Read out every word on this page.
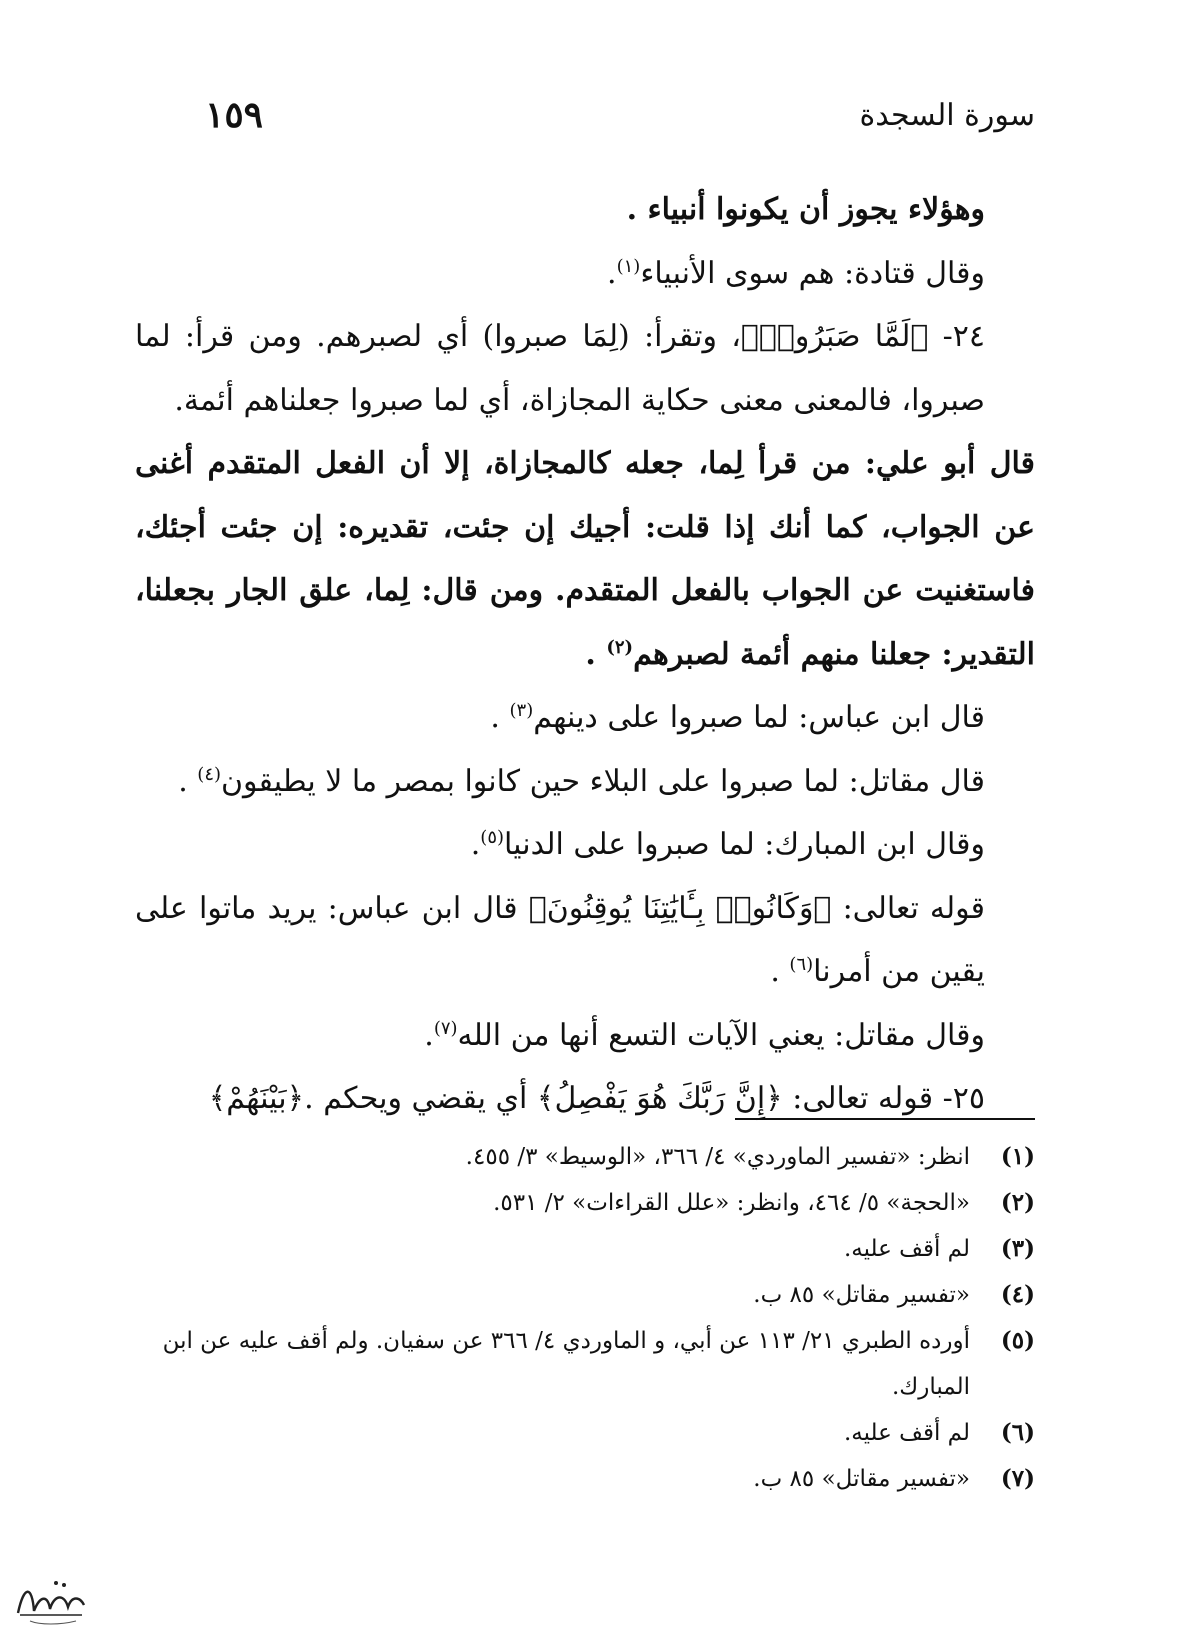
١٥٩	سورة السجدة

وهؤلاء يجوز أن يكونوا أنبياء .

وقال قتادة: هم سوى الأنبياء$^{(١)}$.

٢٤- ﴿لَمَّا صَبَرُوا۟﴾، وتقرأ: (لِمَا صبروا) أي لصبرهم. ومن قرأ: لما صبروا، فالمعنى معنى حكاية المجازاة، أي لما صبروا جعلناهم أئمة.

قال أبو علي: من قرأ لِما، جعله كالمجازاة، إلا أن الفعل المتقدم أغنى عن الجواب، كما أنك إذا قلت: أجيك إن جئت، تقديره: إن جئت أجئك، فاستغنيت عن الجواب بالفعل المتقدم. ومن قال: لِما، علق الجار بجعلنا، التقدير: جعلنا منهم أئمة لصبرهم$^{(٢)}$ .

قال ابن عباس: لما صبروا على دينهم$^{(٣)}$ .

قال مقاتل: لما صبروا على البلاء حين كانوا بمصر ما لا يطيقون$^{(٤)}$ .

وقال ابن المبارك: لما صبروا على الدنيا$^{(٥)}$.

قوله تعالى: ﴿وَكَانُوا۟ بِـَٔايَٰتِنَا يُوقِنُونَ﴾ قال ابن عباس: يريد ماتوا على يقين من أمرنا$^{(٦)}$ .

وقال مقاتل: يعني الآيات التسع أنها من الله$^{(٧)}$.

٢٥- قوله تعالى: ﴿إِنَّ رَبَّكَ هُوَ يَفْصِلُ﴾ أي يقضي ويحكم .﴿بَيْنَهُمْ﴾

(١)
انظر: «تفسير الماوردي» ٤/ ٣٦٦، «الوسيط» ٣/ ٤٥٥.
(٢)
«الحجة» ٥/ ٤٦٤، وانظر: «علل القراءات» ٢/ ٥٣١.
(٣)
لم أقف عليه.
(٤)
«تفسير مقاتل» ٨٥ ب.
(٥)
أورده الطبري ٢١/ ١١٣ عن أبي، و الماوردي ٤/ ٣٦٦ عن سفيان. ولم أقف عليه عن ابن المبارك.
(٦)
لم أقف عليه.
(٧)
«تفسير مقاتل» ٨٥ ب.
